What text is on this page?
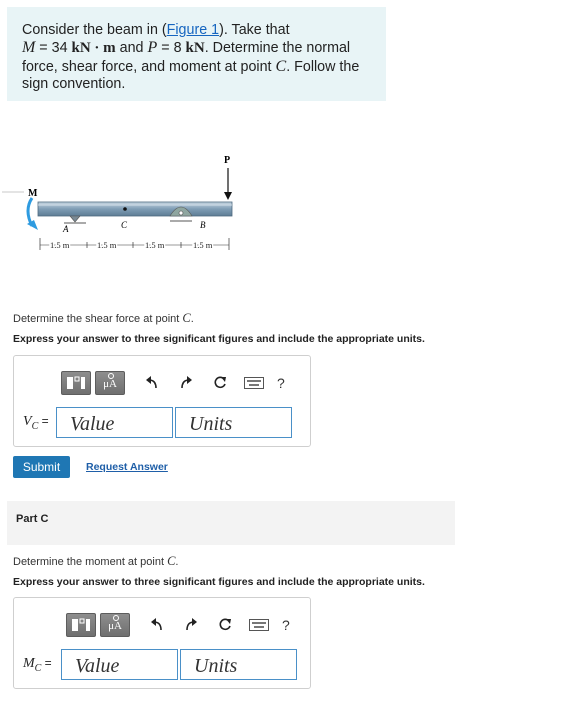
Consider the beam in (Figure 1). Take that
M = 34 kN · m and P = 8 kN. Determine the normal
force, shear force, and moment at point C. Follow the
sign convention.
P
M
A	C	B
1.5 m	1.5 m	1.5 m	1.5 m
Determine the shear force at point C.
Express your answer to three significant figures and include the appropriate units.
μA	?
$V_C$ =
Value
Units
Submit	Request Answer
Part C
Determine the moment at point C.
Express your answer to three significant figures and include the appropriate units.
μA	?
$M_C$ =
Value
Units
